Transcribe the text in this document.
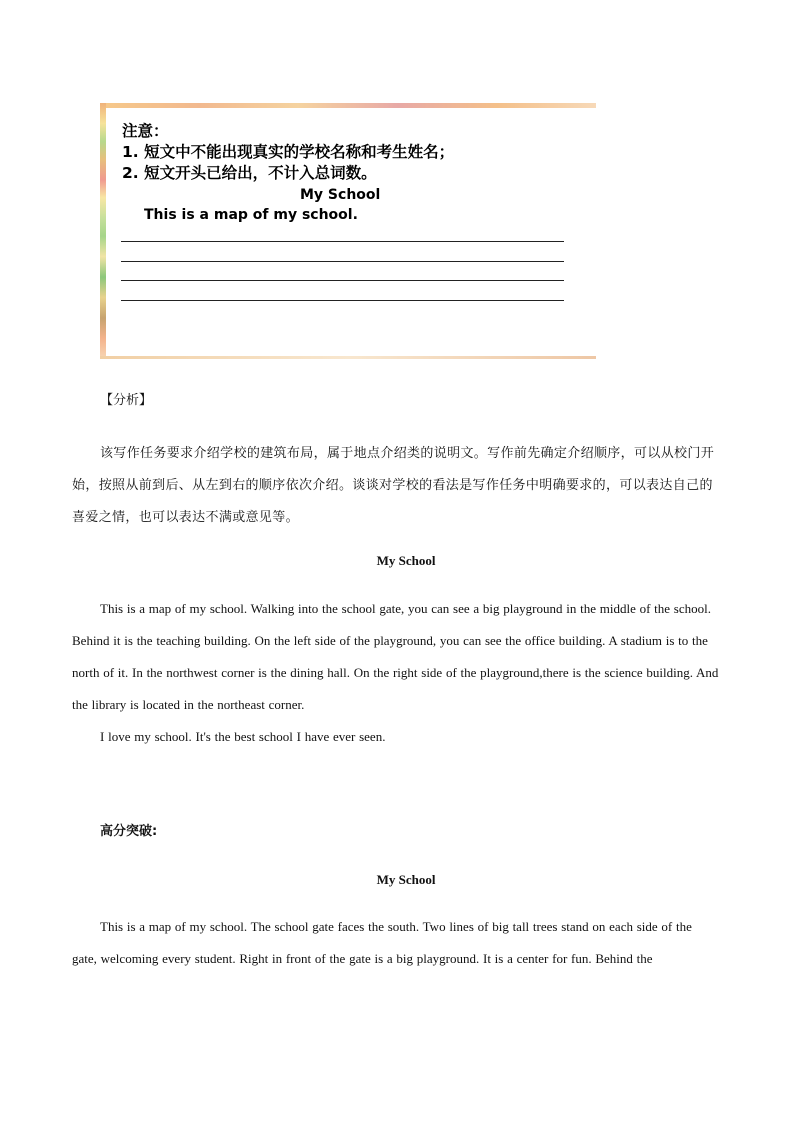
注意：
1. 短文中不能出现真实的学校名称和考生姓名；
2. 短文开头已给出，不计入总词数。
My School
This is a map of my school.
【分析】
该写作任务要求介绍学校的建筑布局，属于地点介绍类的说明文。写作前先确定介绍顺序，可以从校门开始，按照从前到后、从左到右的顺序依次介绍。谈谈对学校的看法是写作任务中明确要求的，可以表达自己的喜爱之情，也可以表达不满或意见等。
My School
This is a map of my school. Walking into the school gate, you can see a big playground in the middle of the school. Behind it is the teaching building. On the left side of the playground, you can see the office building. A stadium is to the north of it. In the northwest corner is the dining hall. On the right side of the playground,there is the science building. And the library is located in the northeast corner.
I love my school. It's the best school I have ever seen.
高分突破:
My School
This is a map of my school. The school gate faces the south. Two lines of big tall trees stand on each side of the gate, welcoming every student. Right in front of the gate is a big playground. It is a center for fun. Behind the
